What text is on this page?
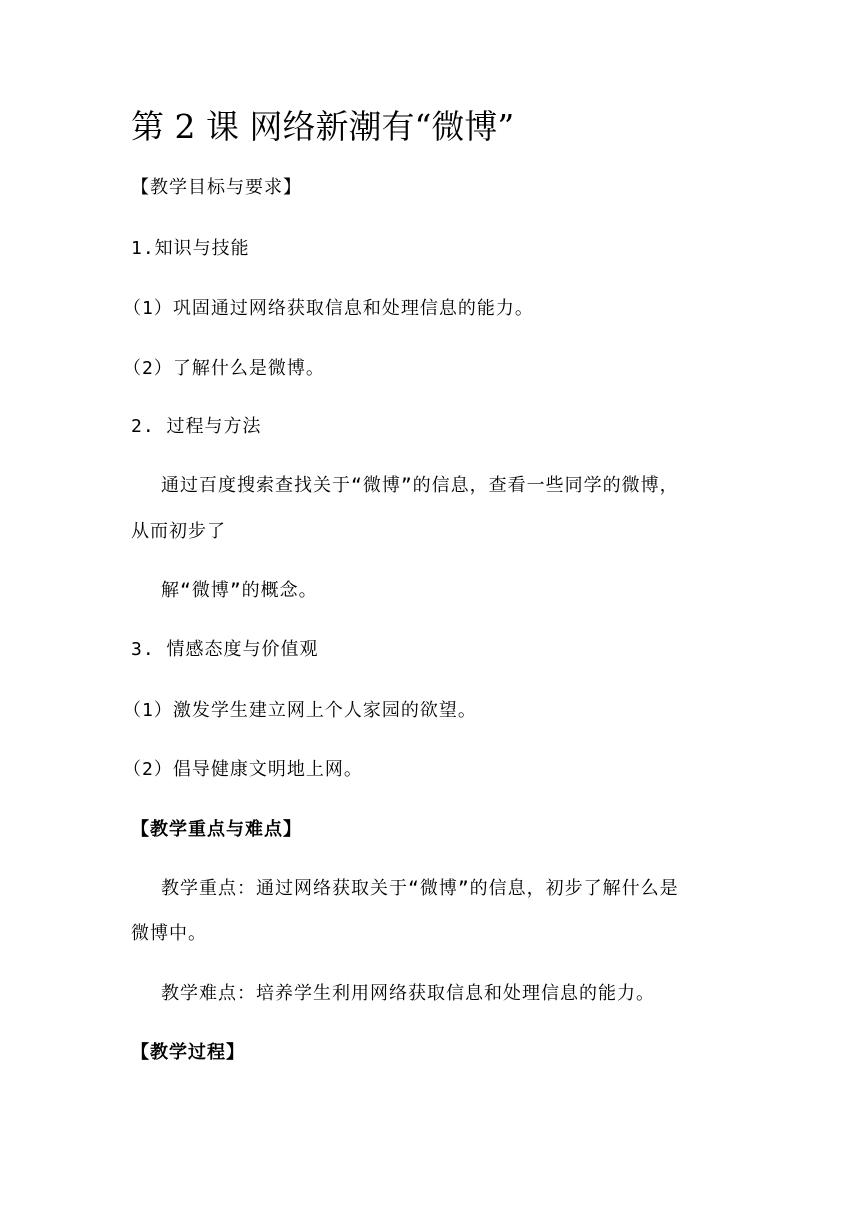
第 2 课 网络新潮有“微博”
【教学目标与要求】
1.知识与技能
（1）巩固通过网络获取信息和处理信息的能力。
（2）了解什么是微博。
2. 过程与方法
通过百度搜索查找关于“微博”的信息，查看一些同学的微博，
从而初步了
解“微博”的概念。
3. 情感态度与价值观
（1）激发学生建立网上个人家园的欲望。
（2）倡导健康文明地上网。
【教学重点与难点】
教学重点：通过网络获取关于“微博”的信息，初步了解什么是
微博中。
教学难点：培养学生利用网络获取信息和处理信息的能力。
【教学过程】
